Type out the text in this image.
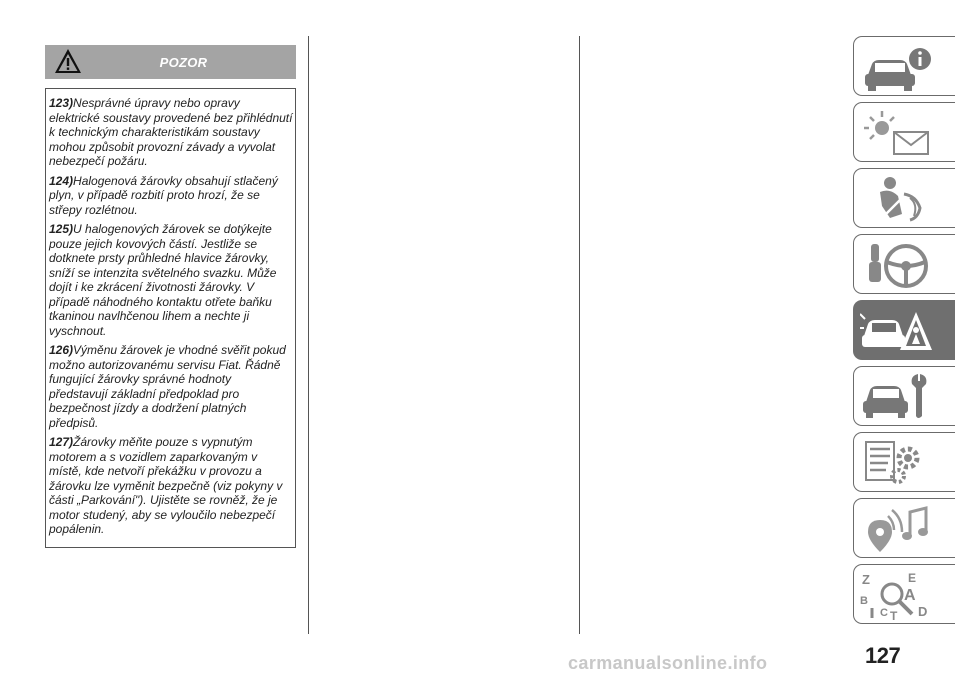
POZOR

123)Nesprávné úpravy nebo opravy elektrické soustavy provedené bez přihlédnutí k technickým charakteristikám soustavy mohou způsobit provozní závady a vyvolat nebezpečí požáru.

124)Halogenová žárovky obsahují stlačený plyn, v případě rozbití proto hrozí, že se střepy rozlétnou.

125)U halogenových žárovek se dotýkejte pouze jejich kovových částí. Jestliže se dotknete prsty průhledné hlavice žárovky, sníží se intenzita světelného svazku. Může dojít i ke zkrácení životnosti žárovky. V případě náhodného kontaktu otřete baňku tkaninou navlhčenou lihem a nechte ji vyschnout.

126)Výměnu žárovek je vhodné svěřit pokud možno autorizovanému servisu Fiat. Řádně fungující žárovky správné hodnoty představují základní předpoklad pro bezpečnost jízdy a dodržení platných předpisů.

127)Žárovky měňte pouze s vypnutým motorem a s vozidlem zaparkovaným v místě, kde netvoří překážku v provozu a žárovku lze vyměnit bezpečně (viz pokyny v části „Parkování"). Ujistěte se rovněž, že je motor studený, aby se vyloučilo nebezpečí popálenin.

Z	E
A
B
C D
T
127
carmanualsonline.info
